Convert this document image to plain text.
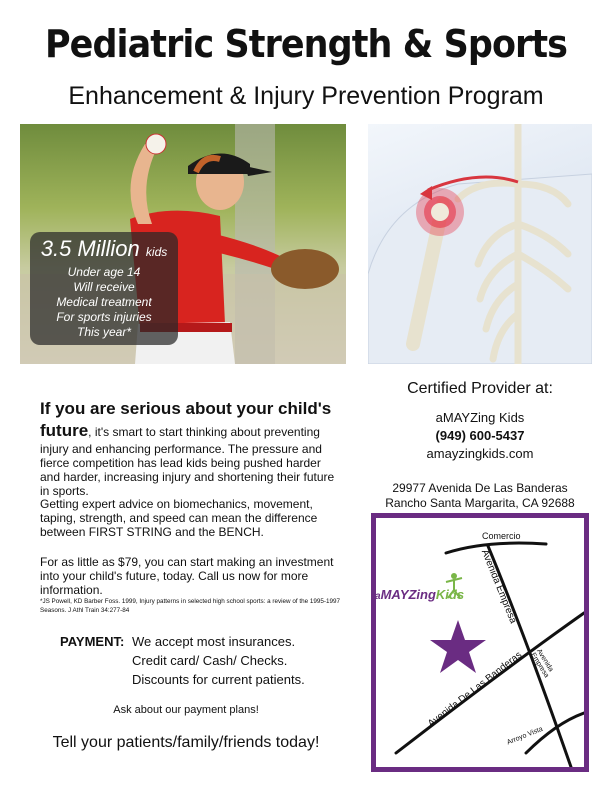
Pediatric Strength & Sports
Enhancement & Injury Prevention Program
3.5 Million kids
Under age 14
Will receive
Medical treatment
For sports injuries
This year*
If you are serious about your child's future, it's smart to start thinking about preventing injury and enhancing performance. The pressure and fierce competition has lead kids being pushed harder and harder, increasing injury and shortening their future in sports.
Getting expert advice on biomechanics, movement, taping, strength, and speed can mean the difference between FIRST STRING and the BENCH.
For as little as $79, you can start making an investment into your child's future, today. Call us now for more information.
*JS Powell, KD Barber Foss. 1999, Injury patterns in selected high school sports: a review of the 1995-1997 Seasons. J Athl Train 34:277-84
PAYMENT: We accept most insurances.
Credit card/ Cash/ Checks.
Discounts for current patients.
Ask about our payment plans!
Tell your patients/family/friends today!
Certified Provider at:
aMAYZing Kids
(949) 600-5437
amayzingkids.com
29977 Avenida De Las Banderas
Rancho Santa Margarita, CA 92688
Comercio
Avenida Empresa
Avenida De Las Banderas	Avenida Empresa
Arroyo Vista
aMAYZingKids
